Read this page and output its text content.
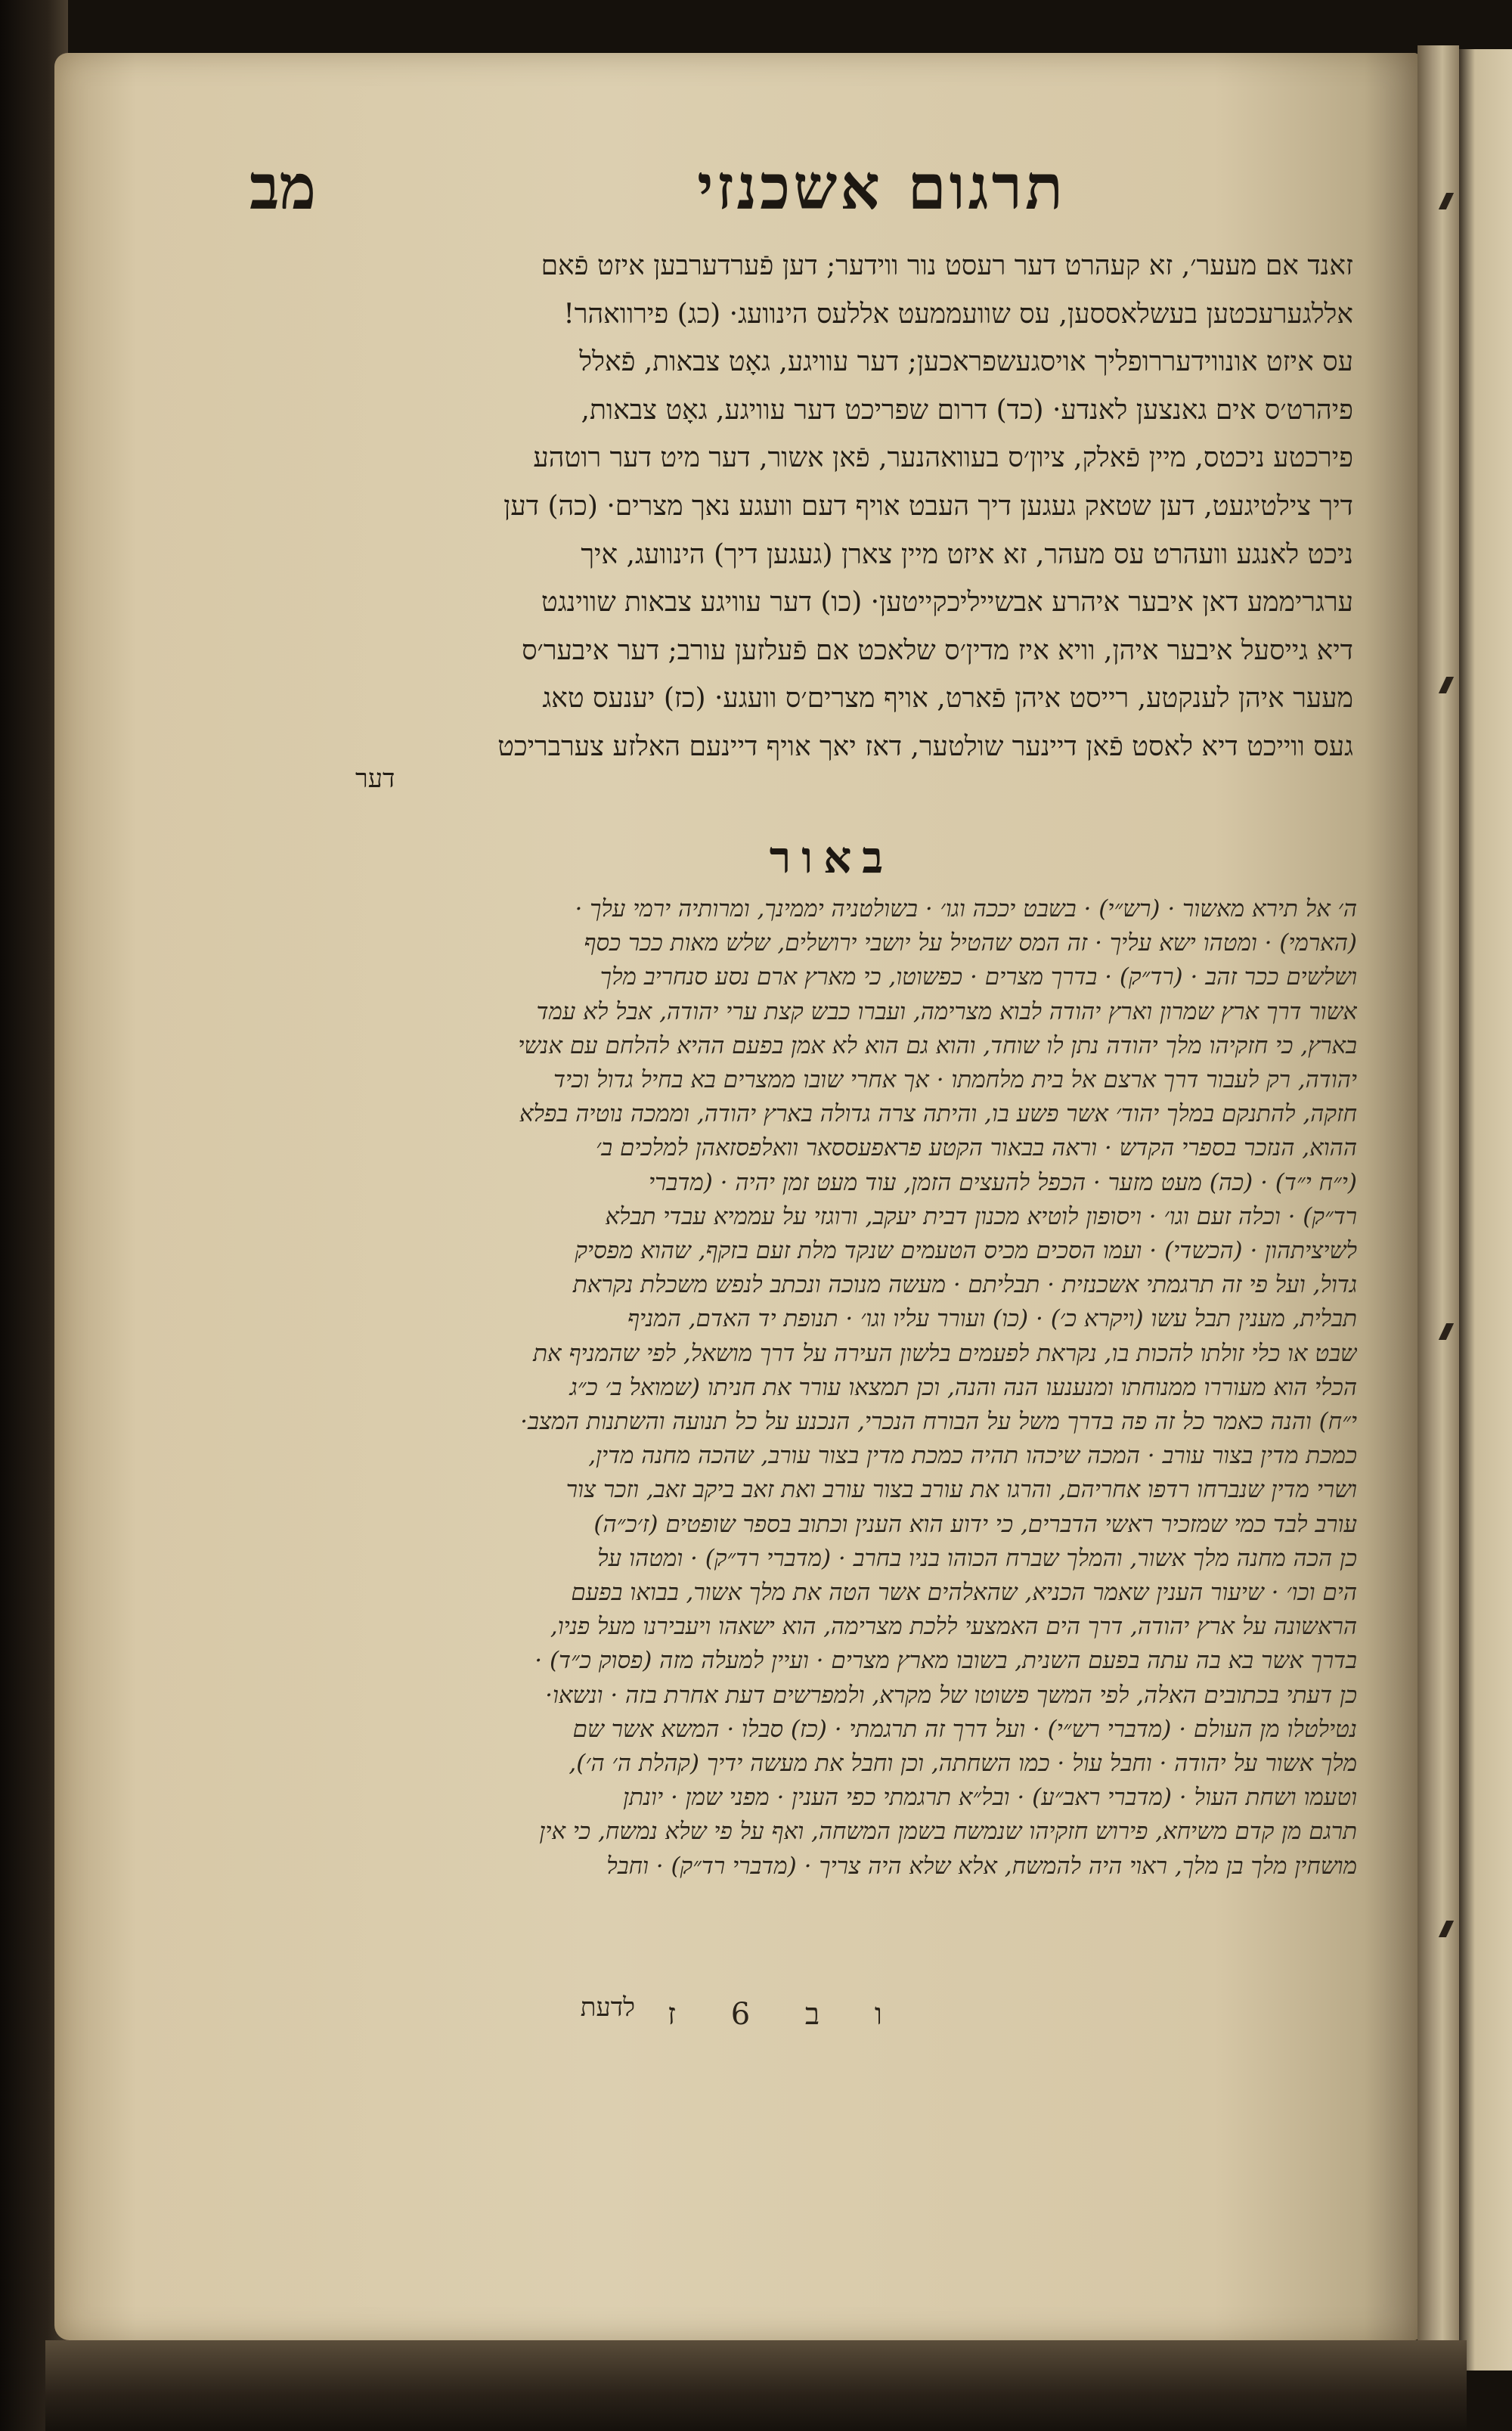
תרגום אשכנזי
מב
זאנד אם מעער׳, זא קעהרט דער רעסט נור ווידער; דען פֿערדערבען איזט פֿאם
אללגערעכטען בעשלאססען, עס שוועממעט אללעס הינוועג· (כג) פירוואהר!
עס איזט אונווידעררופליך אויסגעשפראכען; דער עוויגע, גאָט צבאות, פֿאלל
פיהרט׳ס אים גאנצען לאנדע· (כד) דרום שפריכט דער עוויגע, גאָט צבאות,
פירכטע ניכטס, מיין פֿאלק, ציון׳ס בעוואהנער, פֿאן אשור, דער מיט דער רוטהע
דיך צילטיגעט, דען שטאק געגען דיך העבט אויף דעם וועגע נאך מצרים· (כה) דען
ניכט לאנגע וועהרט עס מעהר, זא איזט מיין צארן (געגען דיך) הינוועג, איך
ערגריממע דאן איבער איהרע אבשייליכקייטען· (כו) דער עוויגע צבאות שווינגט
דיא גייסעל איבער איהן, וויא איז מדין׳ס שלאכט אם פֿעלזען עורב; דער איבער׳ס
מעער איהן לענקטע, רייסט איהן פֿארט, אויף מצרים׳ס וועגע· (כז) יענעס טאג
געס ווייכט דיא לאסט פֿאן דיינער שולטער, דאז יאך אויף דיינעם האלזע צערבריכט
דער
באור
ה׳ אל תירא מאשור · (רש״י) · בשבט יככה וגו׳ · בשולטניה יממינך, ומרותיה ירמי עלך ·
(הארמי) · ומטהו ישא עליך · זה המס שהטיל על יושבי ירושלים, שלש מאות ככר כסף
ושלשים ככר זהב · (רד״ק) · בדרך מצרים · כפשוטו, כי מארץ ארם נסע סנחריב מלך
אשור דרך ארץ שמרון וארץ יהודה לבוא מצרימה, ועברו כבש קצת ערי יהודה, אבל לא עמד
בארץ, כי חזקיהו מלך יהודה נתן לו שוחד, והוא גם הוא לא אמן בפעם ההיא להלחם עם אנשי
יהודה, רק לעבור דרך ארצם אל בית מלחמתו · אך אחרי שובו ממצרים בא בחיל גדול וכיד
חזקה, להתנקם במלך יהוד׳ אשר פשע בו, והיתה צרה גדולה בארץ יהודה, וממכה נוטיה בפלא
ההוא, הנזכר בספרי הקדש · וראה בבאור הקטע פראפעססאר וואלפסזאהן למלכים ב׳
(י״ח י״ד) · (כה) מעט מזער · הכפל להעצים הזמן, עוד מעט זמן יהיה · (מדברי
רד״ק) · וכלה זעם וגו׳ · ויסופון לוטיא מכנון דבית יעקב, ורוגזי על עממיא עבדי תבלא
לשיציתהון · (הכשדי) · ועמו הסכים מכיס הטעמים שנקד מלת זעם בזקף, שהוא מפסיק
גדול, ועל פי זה תרגמתי אשכנזית · תבליתם · מעשה מנוכה ונכתב לנפש משכלת נקראת
תבלית, מענין תבל עשו (ויקרא כ׳) · (כו) ועורר עליו וגו׳ · תנופת יד האדם, המניף
שבט או כלי זולתו להכות בו, נקראת לפעמים בלשון העירה על דרך מושאל, לפי שהמניף את
הכלי הוא מעוררו ממנוחתו ומנענעו הנה והנה, וכן תמצאו עורר את חניתו (שמואל ב׳ כ״ג
י״ח) והנה כאמר כל זה פה בדרך משל על הבורח הנכרי, הנכנע על כל תנועה והשתנות המצב·
כמכת מדין בצור עורב · המכה שיכהו תהיה כמכת מדין בצור עורב, שהכה מחנה מדין,
ושרי מדין שנברחו רדפו אחריהם, והרגו את עורב בצור עורב ואת זאב ביקב זאב, וזכר צור
עורב לבד כמי שמזכיר ראשי הדברים, כי ידוע הוא הענין וכתוב בספר שופטים (ז׳כ״ה)
כן הכה מחנה מלך אשור, והמלך שברח הכוהו בניו בחרב · (מדברי רד״ק) · ומטהו על
הים וכו׳ · שיעור הענין שאמר הכניא, שהאלהים אשר הטה את מלך אשור, בבואו בפעם
הראשונה על ארץ יהודה, דרך הים האמצעי ללכת מצרימה, הוא ישאהו ויעבירנו מעל פניו,
בדרך אשר בא בה עתה בפעם השנית, בשובו מארץ מצרים · ועיין למעלה מזה (פסוק כ״ד) ·
כן דעתי בכתובים האלה, לפי המשך פשוטו של מקרא, ולמפרשים דעת אחרת בזה · ונשאו·
נטילטלו מן העולם · (מדברי רש״י) · ועל דרך זה תרגמתי · (כז) סבלו · המשא אשר שם
מלך אשור על יהודה · וחבל עול · כמו השחתה, וכן וחבל את מעשה ידיך (קהלת ה׳ ה׳),
וטעמו ושחת העול · (מדברי ראב״ע) · ובל״א תרגמתי כפי הענין · מפני שמן · יונתן
תרגם מן קדם משיחא, פירוש חזקיהו שנמשח בשמן המשחה, ואף על פי שלא נמשח, כי אין
מושחין מלך בן מלך, ראוי היה להמשח, אלא שלא היה צריך · (מדברי רד״ק) · וחבל
ו ב 6 ז
לדעת
